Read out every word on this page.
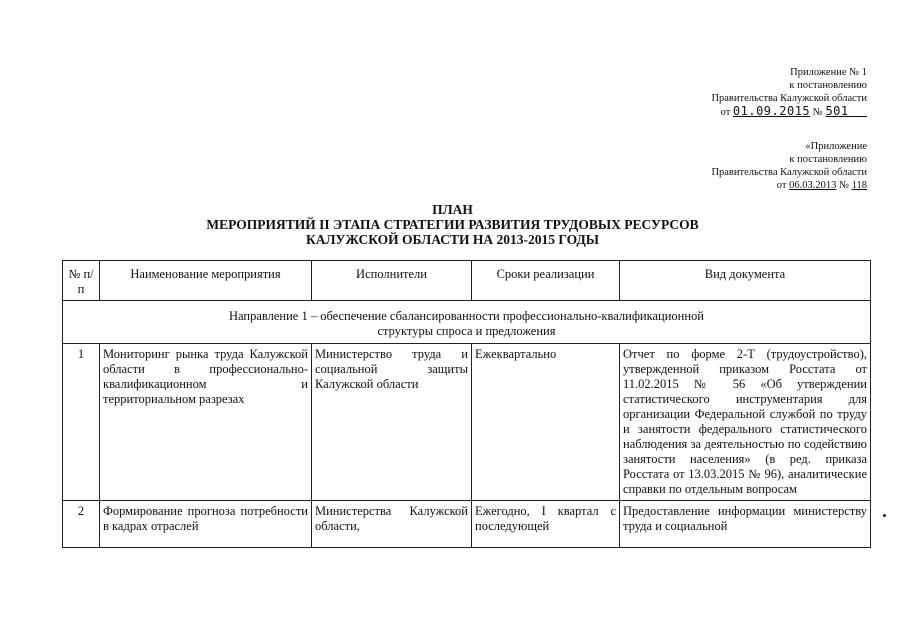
Приложение № 1
к постановлению
Правительства Калужской области
от 01.09.2015 № 501
«Приложение
к постановлению
Правительства Калужской области
от 06.03.2013 № 118
ПЛАН
МЕРОПРИЯТИЙ II ЭТАПА СТРАТЕГИИ РАЗВИТИЯ ТРУДОВЫХ РЕСУРСОВ
КАЛУЖСКОЙ ОБЛАСТИ НА 2013-2015 ГОДЫ
№ п/п	Наименование мероприятия	Исполнители	Сроки реализации	Вид документа
Направление 1 – обеспечение сбалансированности профессионально-квалификационной структуры спроса и предложения				
1	Мониторинг рынка труда Калужской области в профессионально-квалификационном и территориальном разрезах	Министерство труда и социальной защиты Калужской области	Ежеквартально	Отчет по форме 2-Т (трудоустройство), утвержденной приказом Росстата от 11.02.2015 № 56 «Об утверждении статистического инструментария для организации Федеральной службой по труду и занятости федерального статистического наблюдения за деятельностью по содействию занятости населения» (в ред. приказа Росстата от 13.03.2015 № 96), аналитические справки по отдельным вопросам
2	Формирование прогноза потребности в кадрах отраслей	Министерства Калужской области,	Ежегодно, I квартал с последующей	Предоставление информации министерству труда и социальной
